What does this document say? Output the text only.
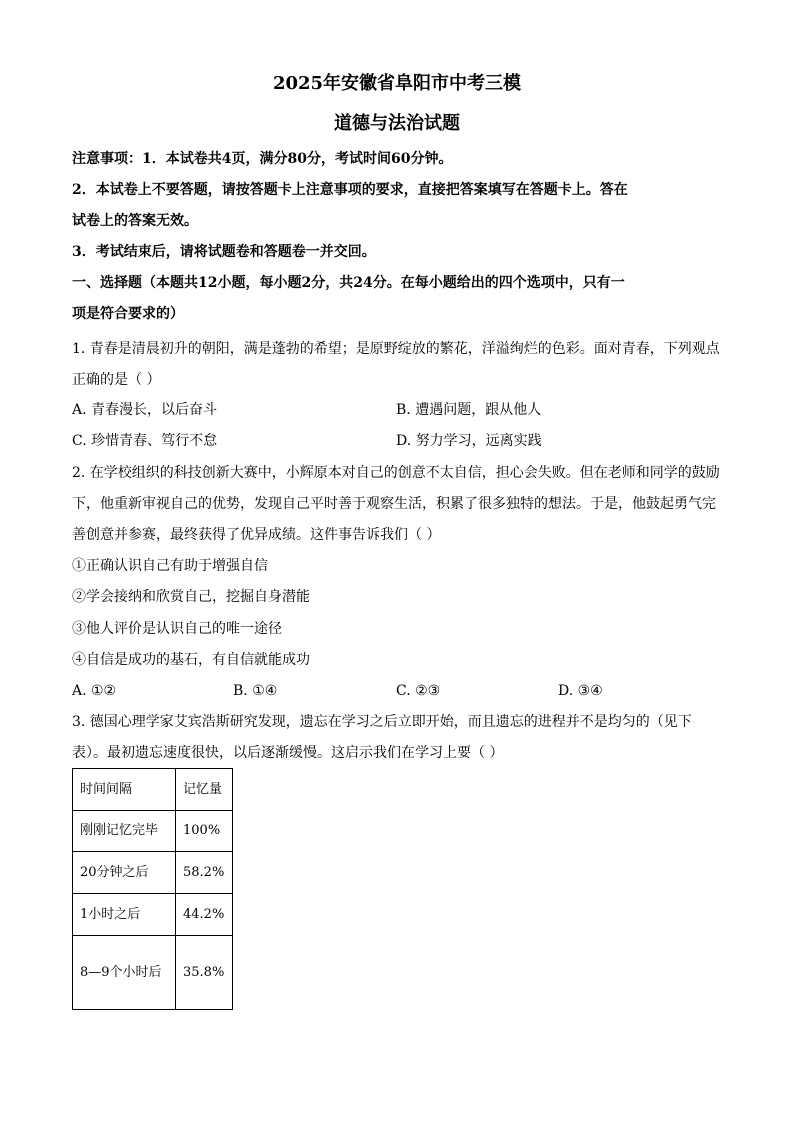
2025年安徽省阜阳市中考三模
道德与法治试题
注意事项：1．本试卷共4页，满分80分，考试时间60分钟。
2．本试卷上不要答题，请按答题卡上注意事项的要求，直接把答案填写在答题卡上。答在
试卷上的答案无效。
3．考试结束后，请将试题卷和答题卷一并交回。
一、选择题（本题共12小题，每小题2分，共24分。在每小题给出的四个选项中，只有一
项是符合要求的）
1. 青春是清晨初升的朝阳，满是蓬勃的希望；是原野绽放的繁花，洋溢绚烂的色彩。面对青春，下列观点
正确的是（ ）
A. 青春漫长，以后奋斗	B. 遭遇问题，跟从他人
C. 珍惜青春、笃行不怠	D. 努力学习，远离实践
2. 在学校组织的科技创新大赛中，小辉原本对自己的创意不太自信，担心会失败。但在老师和同学的鼓励
下，他重新审视自己的优势，发现自己平时善于观察生活，积累了很多独特的想法。于是，他鼓起勇气完
善创意并参赛，最终获得了优异成绩。这件事告诉我们（ ）
①正确认识自己有助于增强自信
②学会接纳和欣赏自己，挖掘自身潜能
③他人评价是认识自己的唯一途径
④自信是成功的基石，有自信就能成功
A. ①②	B. ①④	C. ②③	D. ③④
3. 德国心理学家艾宾浩斯研究发现，遗忘在学习之后立即开始，而且遗忘的进程并不是均匀的（见下
表）。最初遗忘速度很快，以后逐渐缓慢。这启示我们在学习上要（ ）
时间间隔	记忆量
刚刚记忆完毕	100%
20分钟之后	58.2%
1小时之后	44.2%
8—9个小时后	35.8%
